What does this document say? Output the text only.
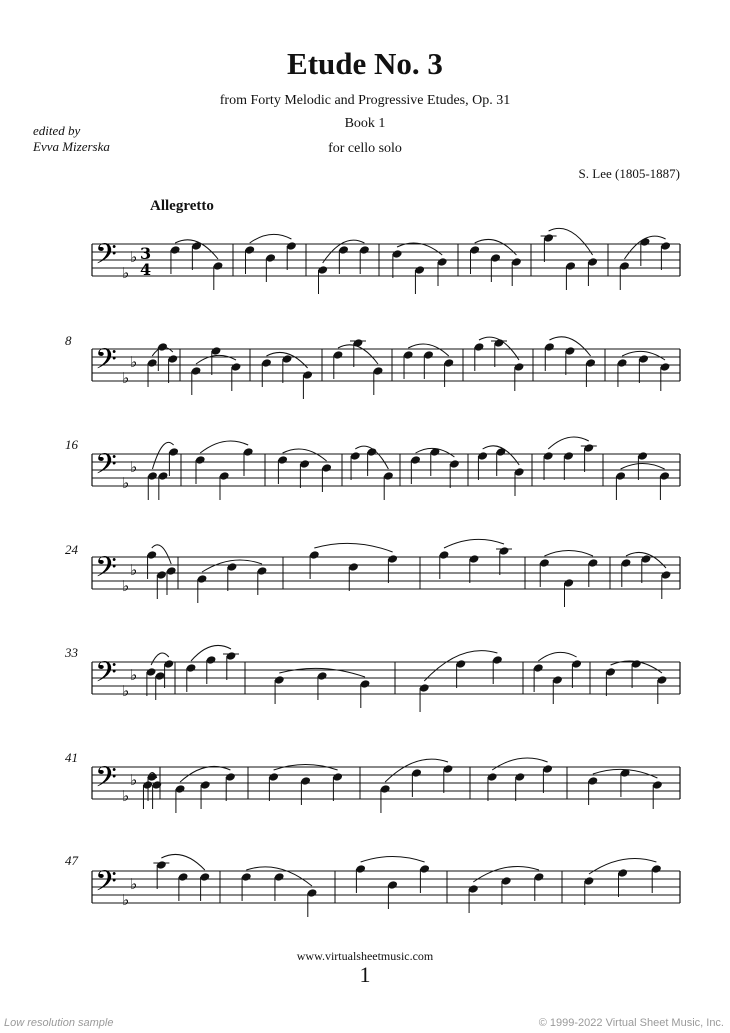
Etude No. 3
from Forty Melodic and Progressive Etudes, Op. 31
Book 1
for cello solo
edited by
Evva Mizerska
S. Lee (1805-1887)
Allegretto
8
16
24
33
41
47
𝄢 ♭
♭ 3
4
𝄢 ♭
♭
𝄢 ♭
♭
𝄢 ♭
♭
𝄢 ♭
♭
𝄢 ♭
♭
𝄢 ♭
♭
www.virtualsheetmusic.com
1
Low resolution sample	© 1999-2022 Virtual Sheet Music, Inc.
